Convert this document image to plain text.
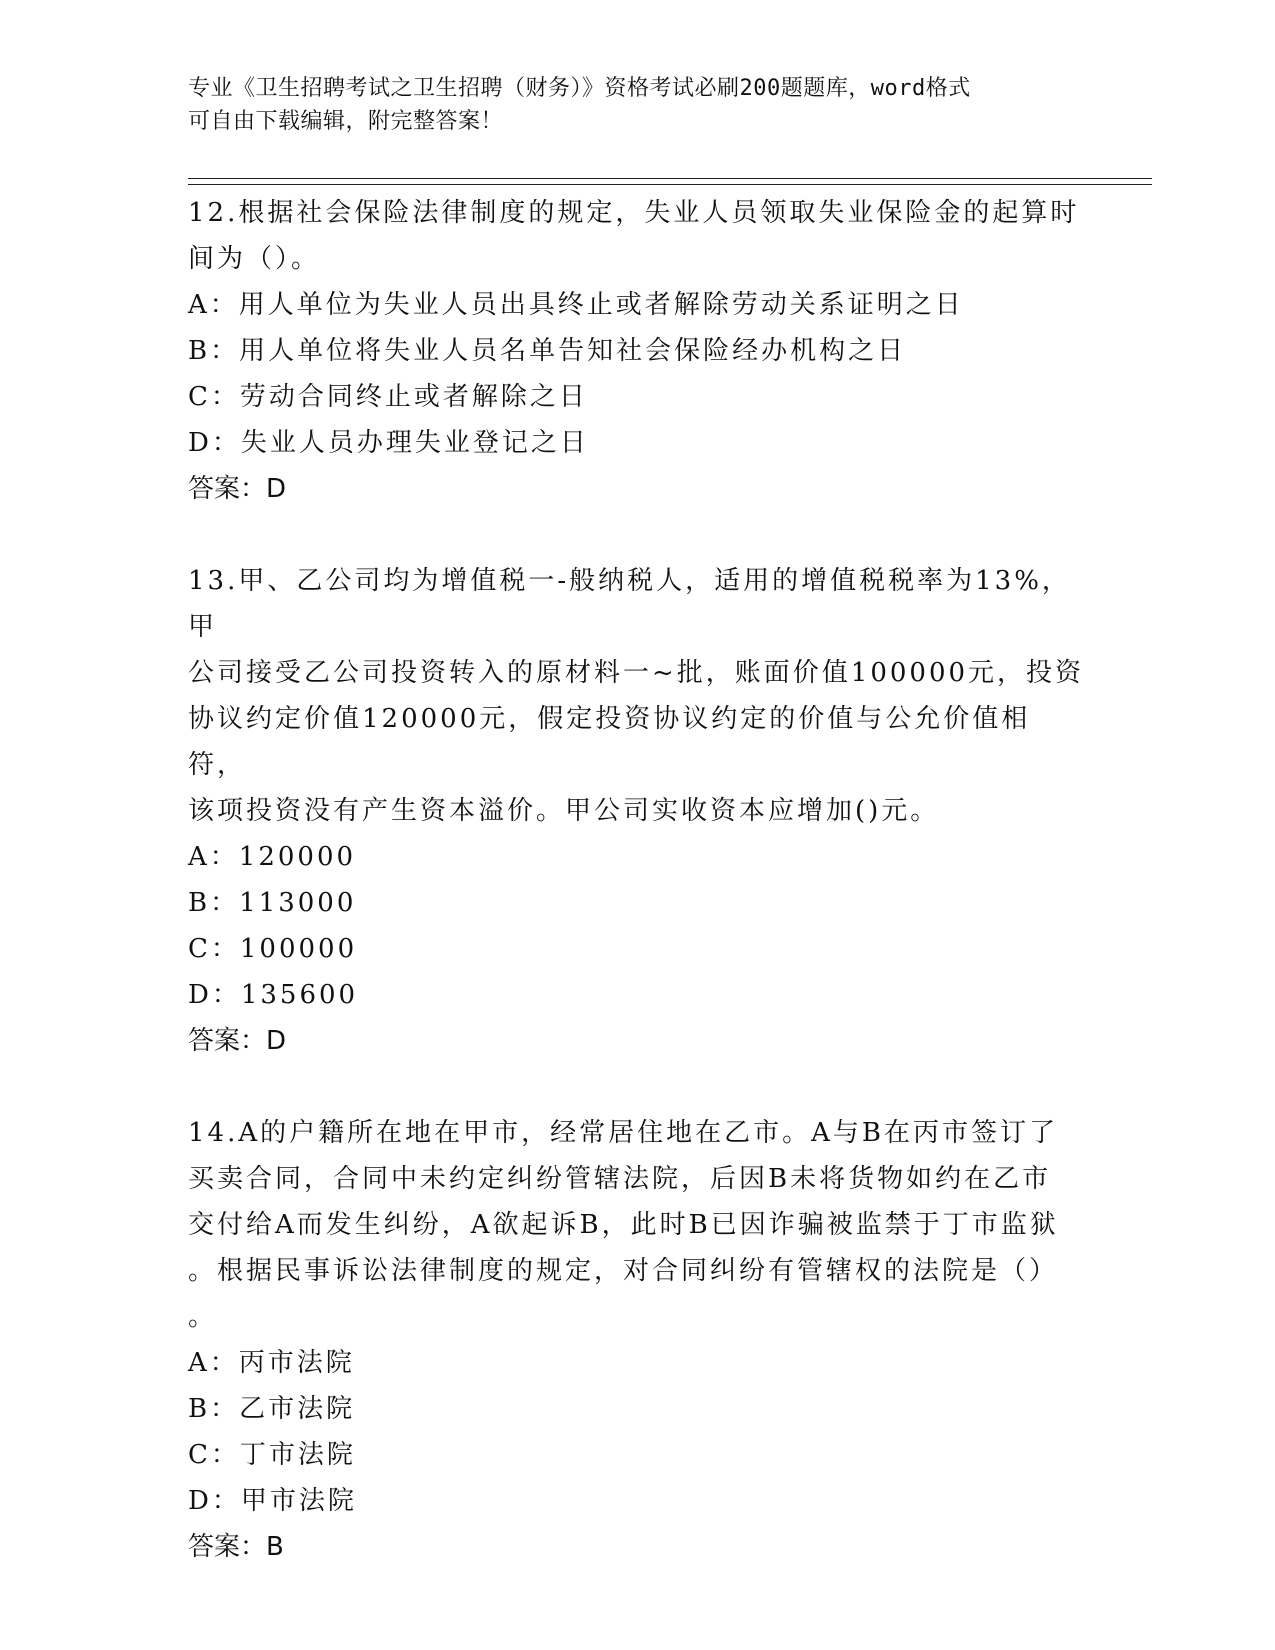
专业《卫生招聘考试之卫生招聘（财务）》资格考试必刷200题题库，word格式
可自由下载编辑，附完整答案！

12.根据社会保险法律制度的规定，失业人员领取失业保险金的起算时

间为（）。

A：用人单位为失业人员出具终止或者解除劳动关系证明之日

B：用人单位将失业人员名单告知社会保险经办机构之日

C：劳动合同终止或者解除之日

D：失业人员办理失业登记之日

答案：D

13.甲、乙公司均为增值税一-般纳税人，适用的增值税税率为13%，甲

公司接受乙公司投资转入的原材料一~批，账面价值100000元，投资

协议约定价值120000元，假定投资协议约定的价值与公允价值相符，

该项投资没有产生资本溢价。甲公司实收资本应增加()元。

A：120000

B：113000

C：100000

D：135600

答案：D

14.A的户籍所在地在甲市，经常居住地在乙市。A与B在丙市签订了

买卖合同，合同中未约定纠纷管辖法院，后因B未将货物如约在乙市

交付给A而发生纠纷，A欲起诉B，此时B已因诈骗被监禁于丁市监狱

。根据民事诉讼法律制度的规定，对合同纠纷有管辖权的法院是（）

。

A：丙市法院

B：乙市法院

C：丁市法院

D：甲市法院

答案：B
